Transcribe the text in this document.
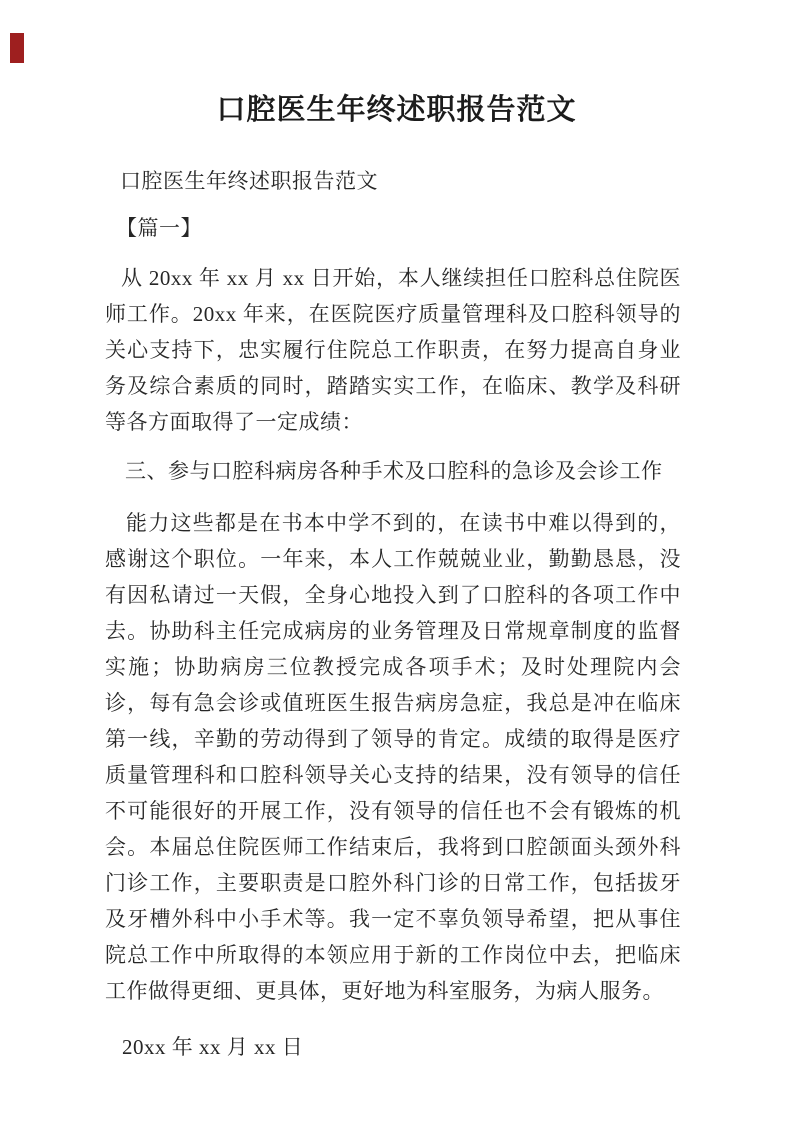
口腔医生年终述职报告范文

口腔医生年终述职报告范文

【篇一】

从 20xx 年 xx 月 xx 日开始，本人继续担任口腔科总住院医师工作。20xx 年来，在医院医疗质量管理科及口腔科领导的关心支持下，忠实履行住院总工作职责，在努力提高自身业务及综合素质的同时，踏踏实实工作，在临床、教学及科研等各方面取得了一定成绩：

三、参与口腔科病房各种手术及口腔科的急诊及会诊工作

能力这些都是在书本中学不到的，在读书中难以得到的，感谢这个职位。一年来，本人工作兢兢业业，勤勤恳恳，没有因私请过一天假，全身心地投入到了口腔科的各项工作中去。协助科主任完成病房的业务管理及日常规章制度的监督实施；协助病房三位教授完成各项手术；及时处理院内会诊，每有急会诊或值班医生报告病房急症，我总是冲在临床第一线，辛勤的劳动得到了领导的肯定。成绩的取得是医疗质量管理科和口腔科领导关心支持的结果，没有领导的信任不可能很好的开展工作，没有领导的信任也不会有锻炼的机会。本届总住院医师工作结束后，我将到口腔颌面头颈外科门诊工作，主要职责是口腔外科门诊的日常工作，包括拔牙及牙槽外科中小手术等。我一定不辜负领导希望，把从事住院总工作中所取得的本领应用于新的工作岗位中去，把临床工作做得更细、更具体，更好地为科室服务，为病人服务。

20xx 年 xx 月 xx 日
